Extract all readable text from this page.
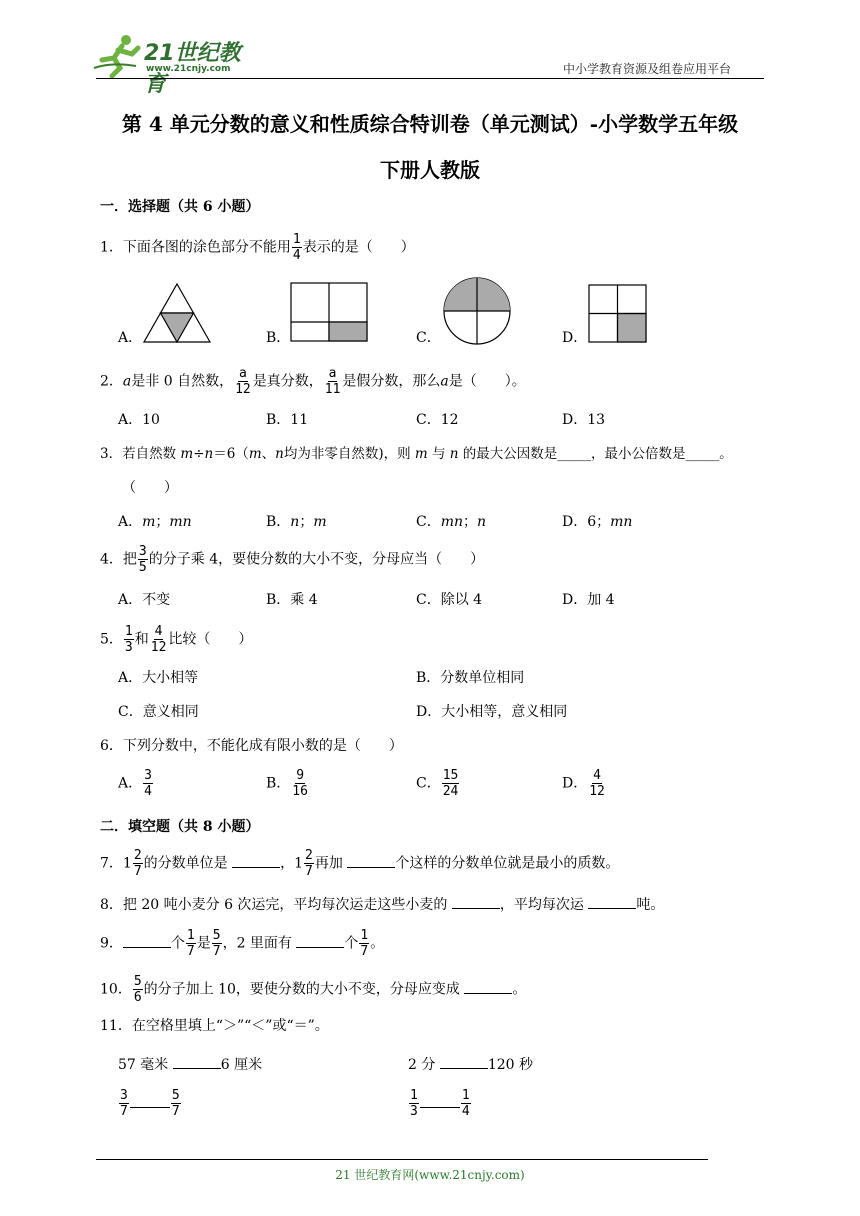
21世纪教育
www.21cnjy.com	中小学教育资源及组卷应用平台
第 4 单元分数的意义和性质综合特训卷（单元测试）-小学数学五年级
下册人教版
一．选择题（共 6 小题）
1．下面各图的涂色部分不能用 $\frac{1}{4}$ 表示的是（　　）
A．	B．	C．	D．
2．a是非 0 自然数， $\frac{a}{12}$ 是真分数， $\frac{a}{11}$ 是假分数，那么a是（　　）。
A．10	B．11	C．12	D．13
3．若自然数 m÷n＝6（m、n均为非零自然数)，则 m 与 n 的最大公因数是_____，最小公倍数是_____。
（　　）
A．m；mn	B．n；m	C．mn；n	D．6；mn
4．把 $\frac{3}{5}$ 的分子乘 4，要使分数的大小不变，分母应当（　　）
A．不变	B．乘 4	C．除以 4	D．加 4
5． $\frac{1}{3}$ 和 $\frac{4}{12}$ 比较（　　）
A．大小相等	B．分数单位相同
C．意义相同	D．大小相等，意义相同
6．下列分数中，不能化成有限小数的是（　　）
A． $\frac{3}{4}$	B． $\frac{9}{16}$	C． $\frac{15}{24}$	D． $\frac{4}{12}$
二．填空题（共 8 小题）
7．$1 \frac{2}{7}$ 的分数单位是	，$1 \frac{2}{7}$ 再加	个这样的分数单位就是最小的质数。
8．把 20 吨小麦分 6 次运完，平均每次运走这些小麦的	，平均每次运	吨。
9．	个 $\frac{1}{7}$ 是 $\frac{5}{7}$ ，2 里面有	个 $\frac{1}{7}$ 。
10． $\frac{5}{6}$ 的分子加上 10，要使分数的大小不变，分母应变成	。
11．在空格里填上“＞”“＜”或“＝”。
57 毫米	6 厘米	2 分	120 秒
$\frac{3}{7}$	$\frac{5}{7}$	$\frac{1}{3}$	$\frac{1}{4}$
21 世纪教育网(www.21cnjy.com)
